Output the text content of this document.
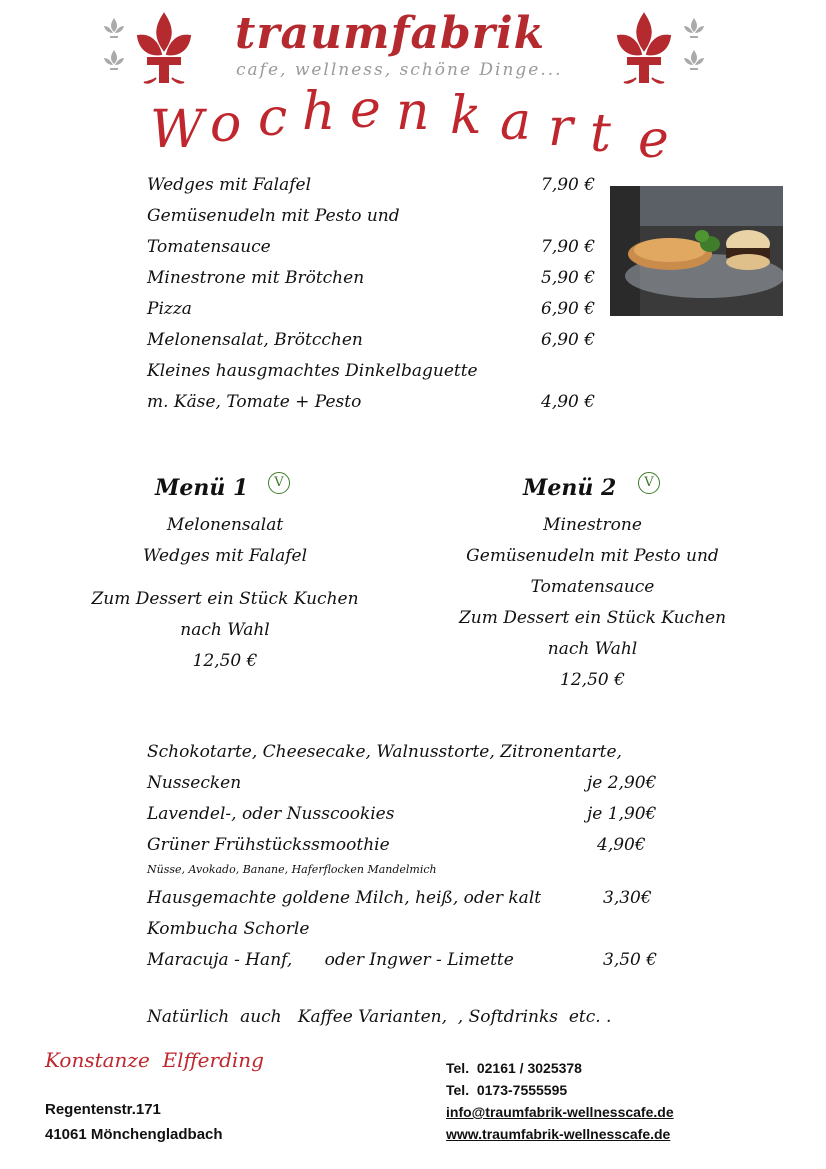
traumfabrik
cafe, wellness, schöne Dinge...
W o c h e n k a r t e
Wedges mit Falafel	7,90 €
Gemüsenudeln mit Pesto und
Tomatensauce	7,90 €
Minestrone mit Brötchen	5,90 €
Pizza	6,90 €
Melonensalat, Brötcchen	6,90 €
Kleines hausgmachtes Dinkelbaguette
m. Käse, Tomate + Pesto	4,90 €
Menü 1	V
Melonensalat
Wedges mit Falafel
Zum Dessert ein Stück Kuchen
nach Wahl
12,50 €
Menü 2	V
Minestrone
Gemüsenudeln mit Pesto und
Tomatensauce
Zum Dessert ein Stück Kuchen
nach Wahl
12,50 €
Schokotarte, Cheesecake, Walnusstorte, Zitronentarte,
Nussecken	je 2,90€
Lavendel-, oder Nusscookies	je 1,90€
Grüner Frühstückssmoothie	4,90€
Nüsse, Avokado, Banane, Haferflocken Mandelmich
Hausgemachte goldene Milch, heiß, oder kalt	3,30€
Kombucha Schorle
Maracuja - Hanf,      oder Ingwer - Limette	3,50 €
Natürlich  auch   Kaffee Varianten,  , Softdrinks  etc. .
Konstanze  Elfferding
Regentenstr.171
41061 Mönchengladbach
Tel.  02161 / 3025378
Tel.  0173-7555595
info@traumfabrik-wellnesscafe.de
www.traumfabrik-wellnesscafe.de
